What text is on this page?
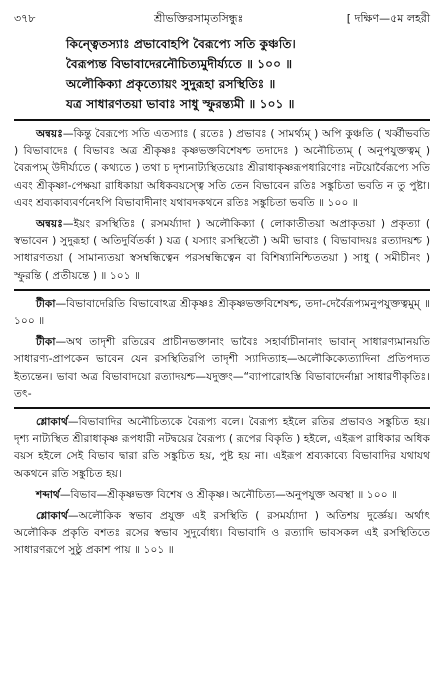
৩৭৮	শ্রীভক্তিরসামৃতসিন্ধুঃ	[ দক্ষিণ—৫ম লহরী
কিন্ত্বেতস্যাঃ প্রভাবোহপি বৈরূপ্যে সতি কুঞ্চতি।
বৈরূপ্যন্ত বিভাবাদেরনৌচিত্যমুদীর্য্যতে ॥ ১০০ ॥
অলৌকিক্যা প্রকৃত্যোয়ং সুদুরূহা রসস্থিতিঃ ॥
যত্র সাধারণতয়া ভাবাঃ সাধু স্ফুরন্ত্যমী ॥ ১০১ ॥

অন্বয়ঃ—কিন্তু বৈরূপ্যে সতি এতস্যাঃ ( রতেঃ ) প্রভাবঃ ( সামর্থ্যম্ ) অপি কুঞ্চতি ( খর্ব্বীভবতি ) বিভাবাদেঃ ( বিভাবঃ অত্র শ্রীকৃষ্ণঃ কৃষ্ণভক্তবিশেষশ্চ তদাদেঃ ) অনৌচিত্যম্ ( অনুপযুক্তত্বম্ ) বৈরূপ্যম্ উদীর্য্যতে ( কথ্যতে ) তথা চ দৃশ্যনাট্যস্থিতয়োঃ শ্রীরাধাকৃষ্ণরূপধারিণোঃ নটয়োর্বৈরূপ্যে সতি এবং শ্রীকৃষ্ণা-পেক্ষয়া রাধিকায়া অধিকবয়স্ত্বে সতি তেন বিভাবেন রতিঃ সঙ্কুচিতা ভবতি ন তু পুষ্টা। এবং শ্রব্যকাব্যবর্ণনেঽপি বিভাবাদীনাং যথাবদকথনে রতিঃ সঙ্কুচিতা ভবতি ॥ ১০০ ॥

অন্বয়ঃ—ইয়ং রসস্থিতিঃ ( রসমর্য্যাদা ) অলৌকিক্যা ( লোকাতীতয়া অপ্রাকৃতয়া ) প্রকৃত্যা ( স্বভাবেন ) সুদুরূহা ( অতিদুর্বিতর্কা ) যত্র ( যস্যাং রসস্থিতৌ ) অমী ভাবাঃ ( বিভাবাদয়ঃ রত্যাদয়শ্চ ) সাধারণতয়া ( সামান্যতয়া স্বসম্বন্ধিত্বেন পরসম্বন্ধিত্বেন বা বিশিষ্যানিশ্চিততয়া ) সাধু ( সমীচীনং ) স্ফুরন্তি ( প্রতীয়ন্তে ) ॥ ১০১ ॥

টীকা—বিভাবাদেরিতি বিভাবোঽত্র শ্রীকৃষ্ণঃ শ্রীকৃষ্ণভক্তবিশেষশ্চ, তদা-দের্বৈরূপ্যমনুপযুক্তত্বমুম্ ॥ ১০০ ॥

টীকা—অথ তাদৃশী রতিরেব প্রাচীনভক্তানাং ভাবৈঃ সহার্বাচীনানাং ভাবান্ সাধারণ্যমানয়তি সাধারণ্য-প্রাপকেন ভাবেন যেন রসস্থিতিরপি তাদৃশী স্যাদিত্যাহ—অলৌকিক্যেত্যাদিনা প্রতিপদ্যত ইত্যন্তেন। ভাবা অত্র বিভাবাদয়ো রত্যাদয়শ্চ—যদুক্তং—“ব্যাপারোঽস্তি বিভাবাদের্নাম্না সাধারণীকৃতিঃ। তৎ-

শ্লোকার্থ—বিভাবাদির অনৌচিত্যকে বৈরূপ্য বলে। বৈরূপ্য হইলে রতির প্রভাবও সঙ্কুচিত হয়। দৃশ্য নাট্যস্থিত শ্রীরাধাকৃষ্ণ রূপধারী নটদ্বয়ের বৈরূপ্য ( রূপের বিকৃতি ) হইলে, এইরূপ রাধিকার অধিক বয়স হইলে সেই বিভাব দ্বারা রতি সঙ্কুচিত হয়, পুষ্ট হয় না। এইরূপ শ্রব্যকাব্যে বিভাবাদির যথাযথ অকথনে রতি সঙ্কুচিত হয়।

শব্দার্থ—বিভাব—শ্রীকৃষ্ণভক্ত বিশেষ ও শ্রীকৃষ্ণ। অনৌচিত্য—অনুপযুক্ত অবস্থা ॥ ১০০ ॥

শ্লোকার্থ—অলৌকিক স্বভাব প্রযুক্ত এই রসস্থিতি ( রসমর্য্যাদা ) অতিশয় দুর্জ্ঞেয়। অর্থাৎ অলৌকিক প্রকৃতি বশতঃ রসের স্বভাব সুদুর্বোধ্য। বিভাবাদি ও রত্যাদি ভাবসকল এই রসস্থিতিতে সাধারণরূপে সুষ্ঠু প্রকাশ পায় ॥ ১০১ ॥
